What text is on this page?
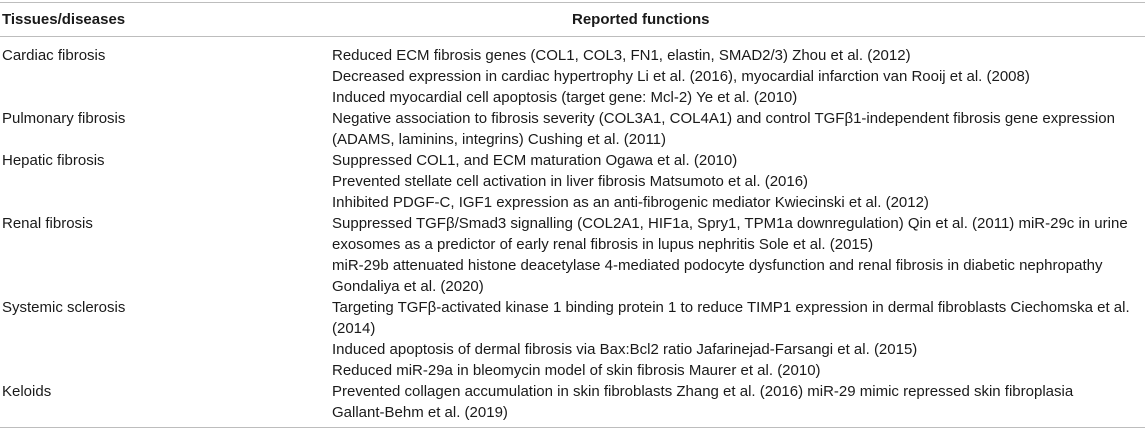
Tissues/diseases	Reported functions
Cardiac fibrosis	Reduced ECM fibrosis genes (COL1, COL3, FN1, elastin, SMAD2/3) Zhou et al. (2012)
Decreased expression in cardiac hypertrophy Li et al. (2016), myocardial infarction van Rooij et al. (2008)
Induced myocardial cell apoptosis (target gene: Mcl-2) Ye et al. (2010)
Pulmonary fibrosis	Negative association to fibrosis severity (COL3A1, COL4A1) and control TGFβ1-independent fibrosis gene expression
(ADAMS, laminins, integrins) Cushing et al. (2011)
Hepatic fibrosis	Suppressed COL1, and ECM maturation Ogawa et al. (2010)
Prevented stellate cell activation in liver fibrosis Matsumoto et al. (2016)
Inhibited PDGF-C, IGF1 expression as an anti-fibrogenic mediator Kwiecinski et al. (2012)
Renal fibrosis	Suppressed TGFβ/Smad3 signalling (COL2A1, HIF1a, Spry1, TPM1a downregulation) Qin et al. (2011) miR-29c in urine
exosomes as a predictor of early renal fibrosis in lupus nephritis Sole et al. (2015)
miR-29b attenuated histone deacetylase 4-mediated podocyte dysfunction and renal fibrosis in diabetic nephropathy
Gondaliya et al. (2020)
Systemic sclerosis	Targeting TGFβ-activated kinase 1 binding protein 1 to reduce TIMP1 expression in dermal fibroblasts Ciechomska et al.
(2014)
Induced apoptosis of dermal fibrosis via Bax:Bcl2 ratio Jafarinejad-Farsangi et al. (2015)
Reduced miR-29a in bleomycin model of skin fibrosis Maurer et al. (2010)
Keloids	Prevented collagen accumulation in skin fibroblasts Zhang et al. (2016) miR-29 mimic repressed skin fibroplasia
Gallant-Behm et al. (2019)
